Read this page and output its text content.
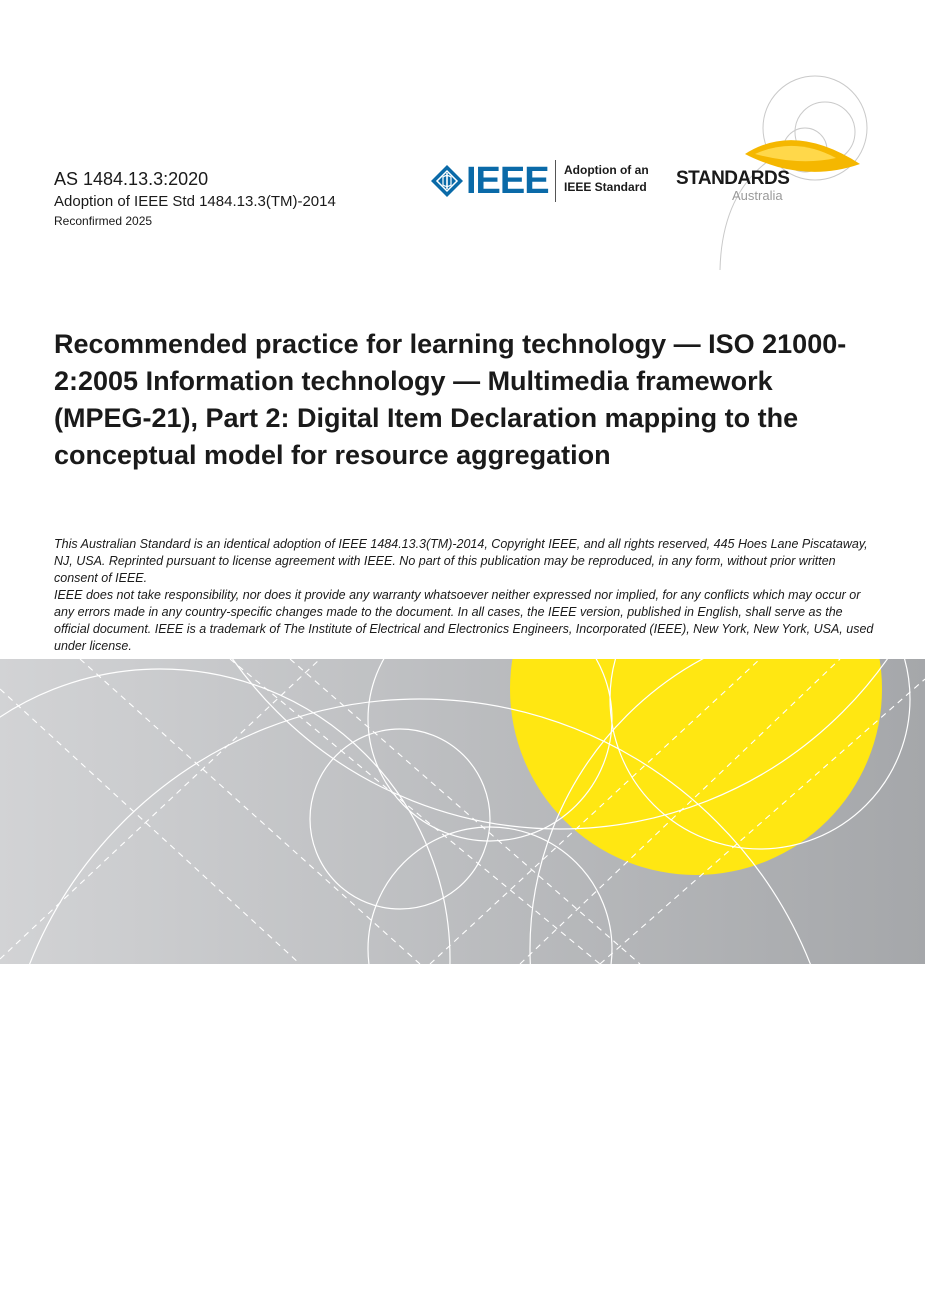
AS 1484.13.3:2020
Adoption of IEEE Std 1484.13.3(TM)-2014
Reconfirmed 2025
IEEE Adoption of an
IEEE Standard STANDARDS
Australia
Recommended practice for learning technology — ISO 21000-2:2005 Information technology — Multimedia framework (MPEG-21), Part 2: Digital Item Declaration mapping to the conceptual model for resource aggregation

This Australian Standard is an identical adoption of IEEE 1484.13.3(TM)-2014, Copyright IEEE, and all rights reserved, 445 Hoes Lane Piscataway, NJ, USA. Reprinted pursuant to license agreement with IEEE. No part of this publication may be reproduced, in any form, without prior written consent of IEEE.

IEEE does not take responsibility, nor does it provide any warranty whatsoever neither expressed nor implied, for any conflicts which may occur or any errors made in any country-specific changes made to the document. In all cases, the IEEE version, published in English, shall serve as the official document. IEEE is a trademark of The Institute of Electrical and Electronics Engineers, Incorporated (IEEE), New York, New York, USA, used under license.
